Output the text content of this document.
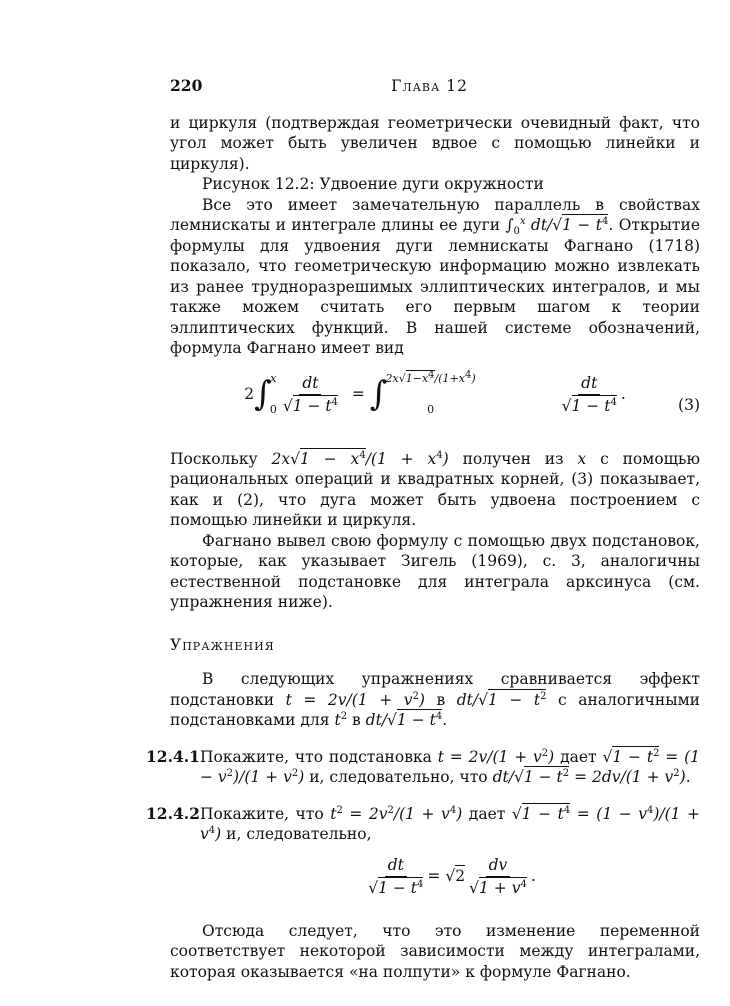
220	Глава 12

и циркуля (подтверждая геометрически очевидный факт, что угол может быть увеличен вдвое с помощью линейки и циркуля).

Рисунок 12.2: Удвоение дуги окружности

Все это имеет замечательную параллель в свойствах лемнискаты и интеграле длины ее дуги $\int_0^x$ $dt/√1 - t^4$. Открытие формулы для удвоения дуги лемнискаты Фагнано (1718) показало, что геометрическую информацию можно извлекать из ранее трудноразрешимых эллиптических интегралов, и мы также можем считать его первым шагом к теории эллиптических функций. В нашей системе обозначений, формула Фагнано имеет вид

2∫
x
$0 \frac{dt}{√1 - t^4}$ = ∫
$2x√1-x^4/(1+x^4)$
0	$\frac{dt}{√1 - t^4}$ .
(3)

Поскольку $2x√1 - x^4/(1 + x^4)$ получен из x с помощью рациональных операций и квадратных корней, (3) показывает, как и (2), что дуга может быть удвоена построением с помощью линейки и циркуля.

Фагнано вывел свою формулу с помощью двух подстановок, которые, как указывает Зигель (1969), с. 3, аналогичны естественной подстановке для интеграла арксинуса (см. упражнения ниже).

Упражнения

В следующих упражнениях сравнивается эффект подстановки $t = 2v/(1 + v^2)$ в $dt/√1 - t^2$ с аналогичными подстановками для $t^2$ в $dt/√1 - t^4$.

12.4.1 Покажите, что подстановка $t = 2v/(1 + v^2)$ дает $√1 - t^2 = (1 - v^2)/(1 + v^2)$ и, следовательно, что $dt/√1 - t^2 = 2dv/(1 + v^2)$.
12.4.2 Покажите, что $t^2 = 2v^2/(1 + v^4)$ дает $√1 - t^4 = (1 - v^4)/(1 + v^4)$ и, следовательно,
$\frac{dt}{√1 - t^4} = √2 \frac{dv}{√1 + v^4}$ .

Отсюда следует, что это изменение переменной соответствует некоторой зависимости между интегралами, которая оказывается «на полпути» к формуле Фагнано.
